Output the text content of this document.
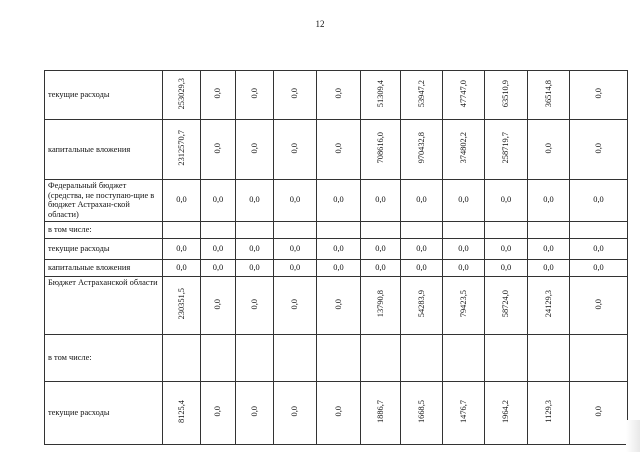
12
текущие расходы	253029,3	0,0	0,0	0,0	0,0	51309,4	53947,2	47747,0	63510,9	36514,8	0,0
капитальные вложения	2312570,7	0,0	0,0	0,0	0,0	708616,0	970432,8	374802,2	258719,7	0,0	0,0
Федеральный бюджет (средства, не поступаю-щие в бюджет Астрахан-ской области)	0,0	0,0	0,0	0,0	0,0	0,0	0,0	0,0	0,0	0,0	0,0
в том числе:											
текущие расходы	0,0	0,0	0,0	0,0	0,0	0,0	0,0	0,0	0,0	0,0	0,0
капитальные вложения	0,0	0,0	0,0	0,0	0,0	0,0	0,0	0,0	0,0	0,0	0,0
Бюджет Астраханской области	230351,5	0,0	0,0	0,0	0,0	13790,8	54283,9	79423,5	58724,0	24129,3	0,0
в том числе:											
текущие расходы	8125,4	0,0	0,0	0,0	0,0	1886,7	1668,5	1476,7	1964,2	1129,3	0,0
